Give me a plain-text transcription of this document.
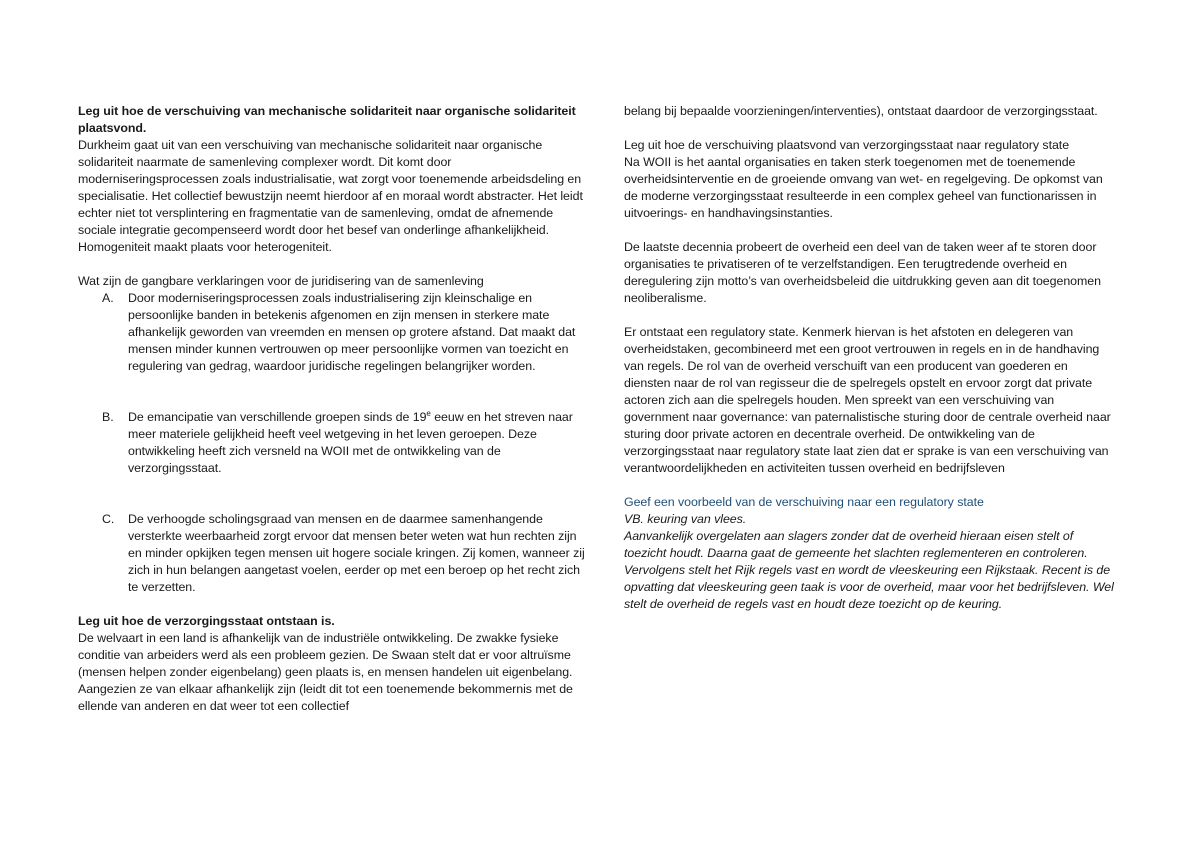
Leg uit hoe de verschuiving van mechanische solidariteit naar organische solidariteit plaatsvond.

Durkheim gaat uit van een verschuiving van mechanische solidariteit naar organische solidariteit naarmate de samenleving complexer wordt. Dit komt door moderniseringsprocessen zoals industrialisatie, wat zorgt voor toenemende arbeidsdeling en specialisatie. Het collectief bewustzijn neemt hierdoor af en moraal wordt abstracter. Het leidt echter niet tot versplintering en fragmentatie van de samenleving, omdat de afnemende sociale integratie gecompenseerd wordt door het besef van onderlinge afhankelijkheid. Homogeniteit maakt plaats voor heterogeniteit.

Wat zijn de gangbare verklaringen voor de juridisering van de samenleving

A. Door moderniseringsprocessen zoals industrialisering zijn kleinschalige en persoonlijke banden in betekenis afgenomen en zijn mensen in sterkere mate afhankelijk geworden van vreemden en mensen op grotere afstand. Dat maakt dat mensen minder kunnen vertrouwen op meer persoonlijke vormen van toezicht en regulering van gedrag, waardoor juridische regelingen belangrijker worden.
B. De emancipatie van verschillende groepen sinds de 19e eeuw en het streven naar meer materiele gelijkheid heeft veel wetgeving in het leven geroepen. Deze ontwikkeling heeft zich versneld na WOII met de ontwikkeling van de verzorgingsstaat.
C. De verhoogde scholingsgraad van mensen en de daarmee samenhangende versterkte weerbaarheid zorgt ervoor dat mensen beter weten wat hun rechten zijn en minder opkijken tegen mensen uit hogere sociale kringen. Zij komen, wanneer zij zich in hun belangen aangetast voelen, eerder op met een beroep op het recht zich te verzetten.

Leg uit hoe de verzorgingsstaat ontstaan is.

De welvaart in een land is afhankelijk van de industriële ontwikkeling. De zwakke fysieke conditie van arbeiders werd als een probleem gezien. De Swaan stelt dat er voor altruïsme (mensen helpen zonder eigenbelang) geen plaats is, en mensen handelen uit eigenbelang. Aangezien ze van elkaar afhankelijk zijn (leidt dit tot een toenemende bekommernis met de ellende van anderen en dat weer tot een collectief

belang bij bepaalde voorzieningen/interventies), ontstaat daardoor de verzorgingsstaat.

Leg uit hoe de verschuiving plaatsvond van verzorgingsstaat naar regulatory state

Na WOII is het aantal organisaties en taken sterk toegenomen met de toenemende overheidsinterventie en de groeiende omvang van wet- en regelgeving. De opkomst van de moderne verzorgingsstaat resulteerde in een complex geheel van functionarissen in uitvoerings- en handhavingsinstanties.

De laatste decennia probeert de overheid een deel van de taken weer af te storen door organisaties te privatiseren of te verzelfstandigen. Een terugtredende overheid en deregulering zijn motto’s van overheidsbeleid die uitdrukking geven aan dit toegenomen neoliberalisme.

Er ontstaat een regulatory state. Kenmerk hiervan is het afstoten en delegeren van overheidstaken, gecombineerd met een groot vertrouwen in regels en in de handhaving van regels. De rol van de overheid verschuift van een producent van goederen en diensten naar de rol van regisseur die de spelregels opstelt en ervoor zorgt dat private actoren zich aan die spelregels houden. Men spreekt van een verschuiving van government naar governance: van paternalistische sturing door de centrale overheid naar sturing door private actoren en decentrale overheid. De ontwikkeling van de verzorgingsstaat naar regulatory state laat zien dat er sprake is van een verschuiving van verantwoordelijkheden en activiteiten tussen overheid en bedrijfsleven

Geef een voorbeeld van de verschuiving naar een regulatory state

VB. keuring van vlees.

Aanvankelijk overgelaten aan slagers zonder dat de overheid hieraan eisen stelt of toezicht houdt. Daarna gaat de gemeente het slachten reglementeren en controleren. Vervolgens stelt het Rijk regels vast en wordt de vleeskeuring een Rijkstaak. Recent is de opvatting dat vleeskeuring geen taak is voor de overheid, maar voor het bedrijfsleven. Wel stelt de overheid de regels vast en houdt deze toezicht op de keuring.
